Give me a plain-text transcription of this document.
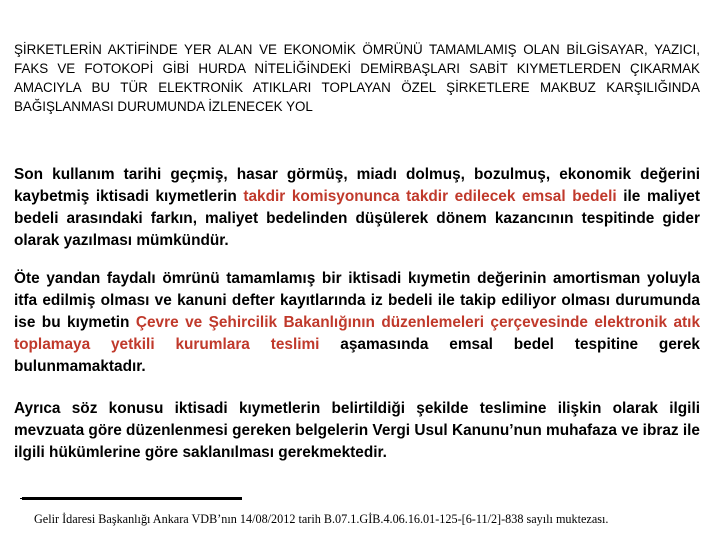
ŞİRKETLERİN AKTİFİNDE YER ALAN VE EKONOMİK ÖMRÜNÜ TAMAMLAMIŞ OLAN BİLGİSAYAR, YAZICI, FAKS VE FOTOKOPİ GİBİ HURDA NİTELİĞİNDEKİ DEMİRBAŞLARI SABİT KIYMETLERDEN ÇIKARMAK AMACIYLA BU TÜR ELEKTRONİK ATIKLARI TOPLAYAN ÖZEL ŞİRKETLERE MAKBUZ KARŞILIĞINDA BAĞIŞLANMASI DURUMUNDA İZLENECEK YOL

Son kullanım tarihi geçmiş, hasar görmüş, miadı dolmuş, bozulmuş, ekonomik değerini kaybetmiş iktisadi kıymetlerin takdir komisyonunca takdir edilecek emsal bedeli ile maliyet bedeli arasındaki farkın, maliyet bedelinden düşülerek dönem kazancının tespitinde gider olarak yazılması mümkündür.

Öte yandan faydalı ömrünü tamamlamış bir iktisadi kıymetin değerinin amortisman yoluyla itfa edilmiş olması ve kanuni defter kayıtlarında iz bedeli ile takip ediliyor olması durumunda ise bu kıymetin Çevre ve Şehircilik Bakanlığının düzenlemeleri çerçevesinde elektronik atık toplamaya yetkili kurumlara teslimi aşamasında emsal bedel tespitine gerek bulunmamaktadır.

Ayrıca söz konusu iktisadi kıymetlerin belirtildiği şekilde teslimine ilişkin olarak ilgili mevzuata göre düzenlenmesi gereken belgelerin Vergi Usul Kanunu’nun muhafaza ve ibraz ile ilgili hükümlerine göre saklanılması gerekmektedir.

Gelir İdaresi Başkanlığı Ankara VDB’nın 14/08/2012 tarih B.07.1.GİB.4.06.16.01-125-[6-11/2]-838 sayılı muktezası.
